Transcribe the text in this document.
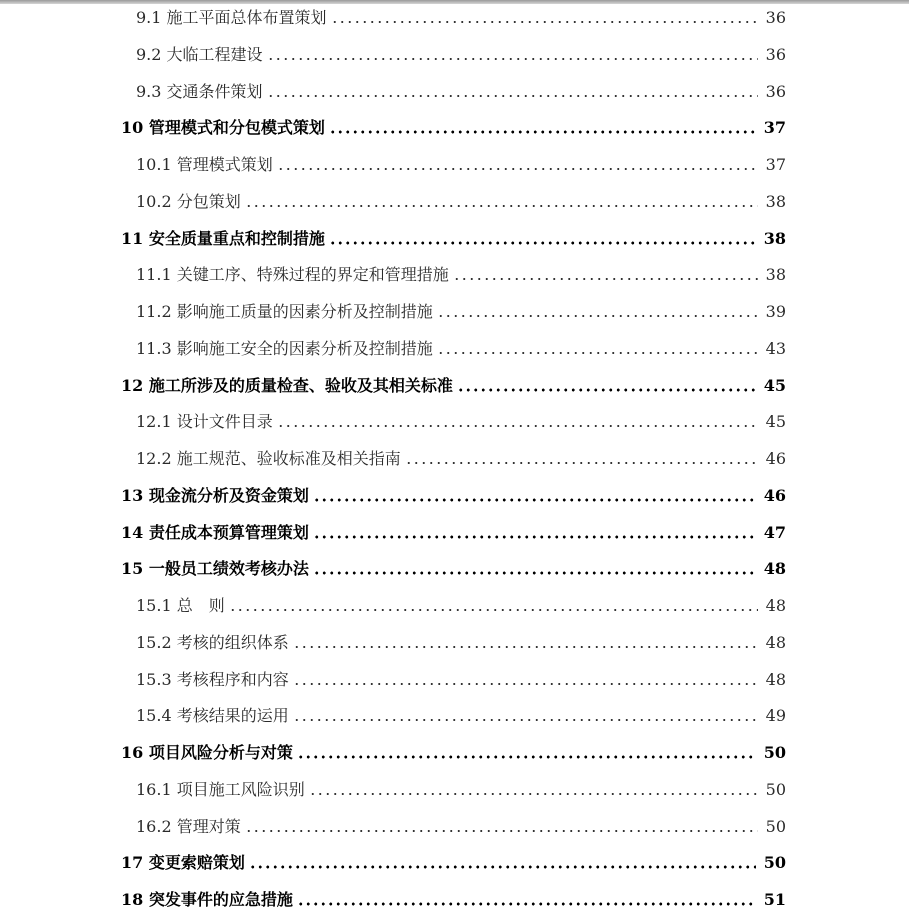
9.1 施工平面总体布置策划	36
9.2 大临工程建设	36
9.3 交通条件策划	36
10 管理模式和分包模式策划	37
10.1 管理模式策划	37
10.2 分包策划	38
11 安全质量重点和控制措施	38
11.1 关键工序、特殊过程的界定和管理措施	38
11.2 影响施工质量的因素分析及控制措施	39
11.3 影响施工安全的因素分析及控制措施	43
12 施工所涉及的质量检查、验收及其相关标准	45
12.1 设计文件目录	45
12.2 施工规范、验收标准及相关指南	46
13 现金流分析及资金策划	46
14 责任成本预算管理策划	47
15 一般员工绩效考核办法	48
15.1 总　则	48
15.2 考核的组织体系	48
15.3 考核程序和内容	48
15.4 考核结果的运用	49
16 项目风险分析与对策	50
16.1 项目施工风险识别	50
16.2 管理对策	50
17 变更索赔策划	50
18 突发事件的应急措施	51
